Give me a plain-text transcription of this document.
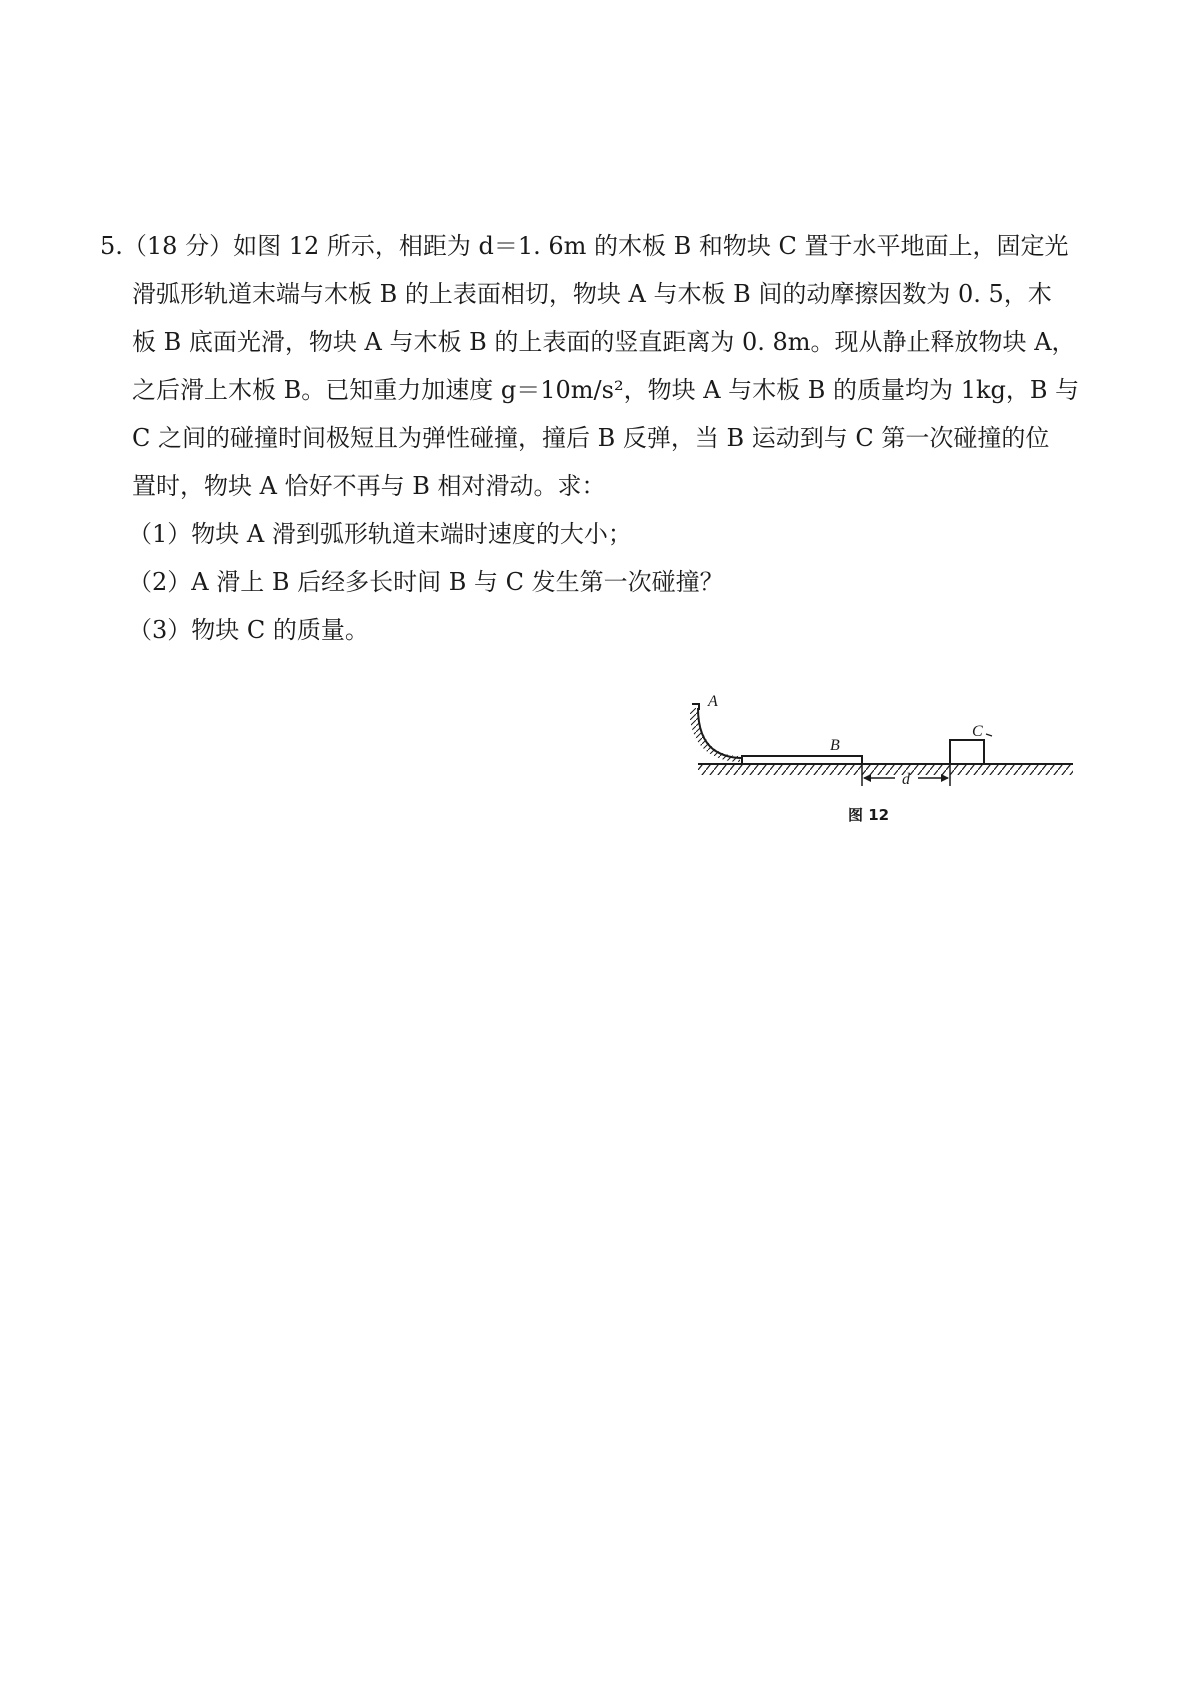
5.（18 分）如图 12 所示，相距为 d＝1. 6m 的木板 B 和物块 C 置于水平地面上，固定光
滑弧形轨道末端与木板 B 的上表面相切，物块 A 与木板 B 间的动摩擦因数为 0. 5，木
板 B 底面光滑，物块 A 与木板 B 的上表面的竖直距离为 0. 8m。现从静止释放物块 A，
之后滑上木板 B。已知重力加速度 g＝10m/s²，物块 A 与木板 B 的质量均为 1kg，B 与
C 之间的碰撞时间极短且为弹性碰撞，撞后 B 反弹，当 B 运动到与 C 第一次碰撞的位
置时，物块 A 恰好不再与 B 相对滑动。求：
（1）物块 A 滑到弧形轨道末端时速度的大小；
（2）A 滑上 B 后经多长时间 B 与 C 发生第一次碰撞？
（3）物块 C 的质量。
A
B
C
d
图 12
